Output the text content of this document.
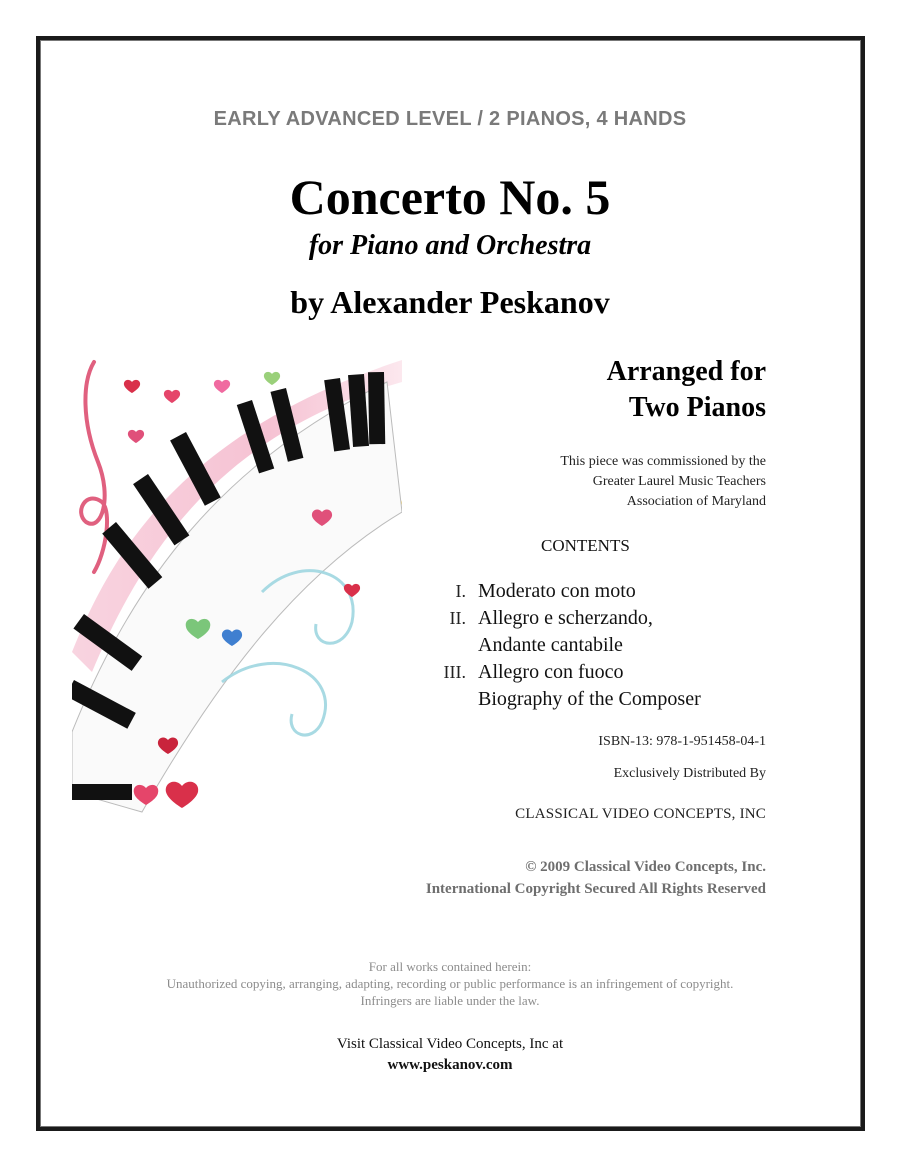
EARLY ADVANCED LEVEL / 2 PIANOS, 4 HANDS
Concerto No. 5
for Piano and Orchestra
by Alexander Peskanov
Arranged for
Two Pianos
This piece was commissioned by the
Greater Laurel Music Teachers
Association of Maryland
CONTENTS
I. Moderato con moto
II. Allegro e scherzando,
Andante cantabile
III. Allegro con fuoco
Biography of the Composer
ISBN-13: 978-1-951458-04-1
Exclusively Distributed By
CLASSICAL VIDEO CONCEPTS, INC
© 2009 Classical Video Concepts, Inc.
International Copyright Secured All Rights Reserved
For all works contained herein:
Unauthorized copying, arranging, adapting, recording or public performance is an infringement of copyright.
Infringers are liable under the law.
Visit Classical Video Concepts, Inc at
www.peskanov.com
